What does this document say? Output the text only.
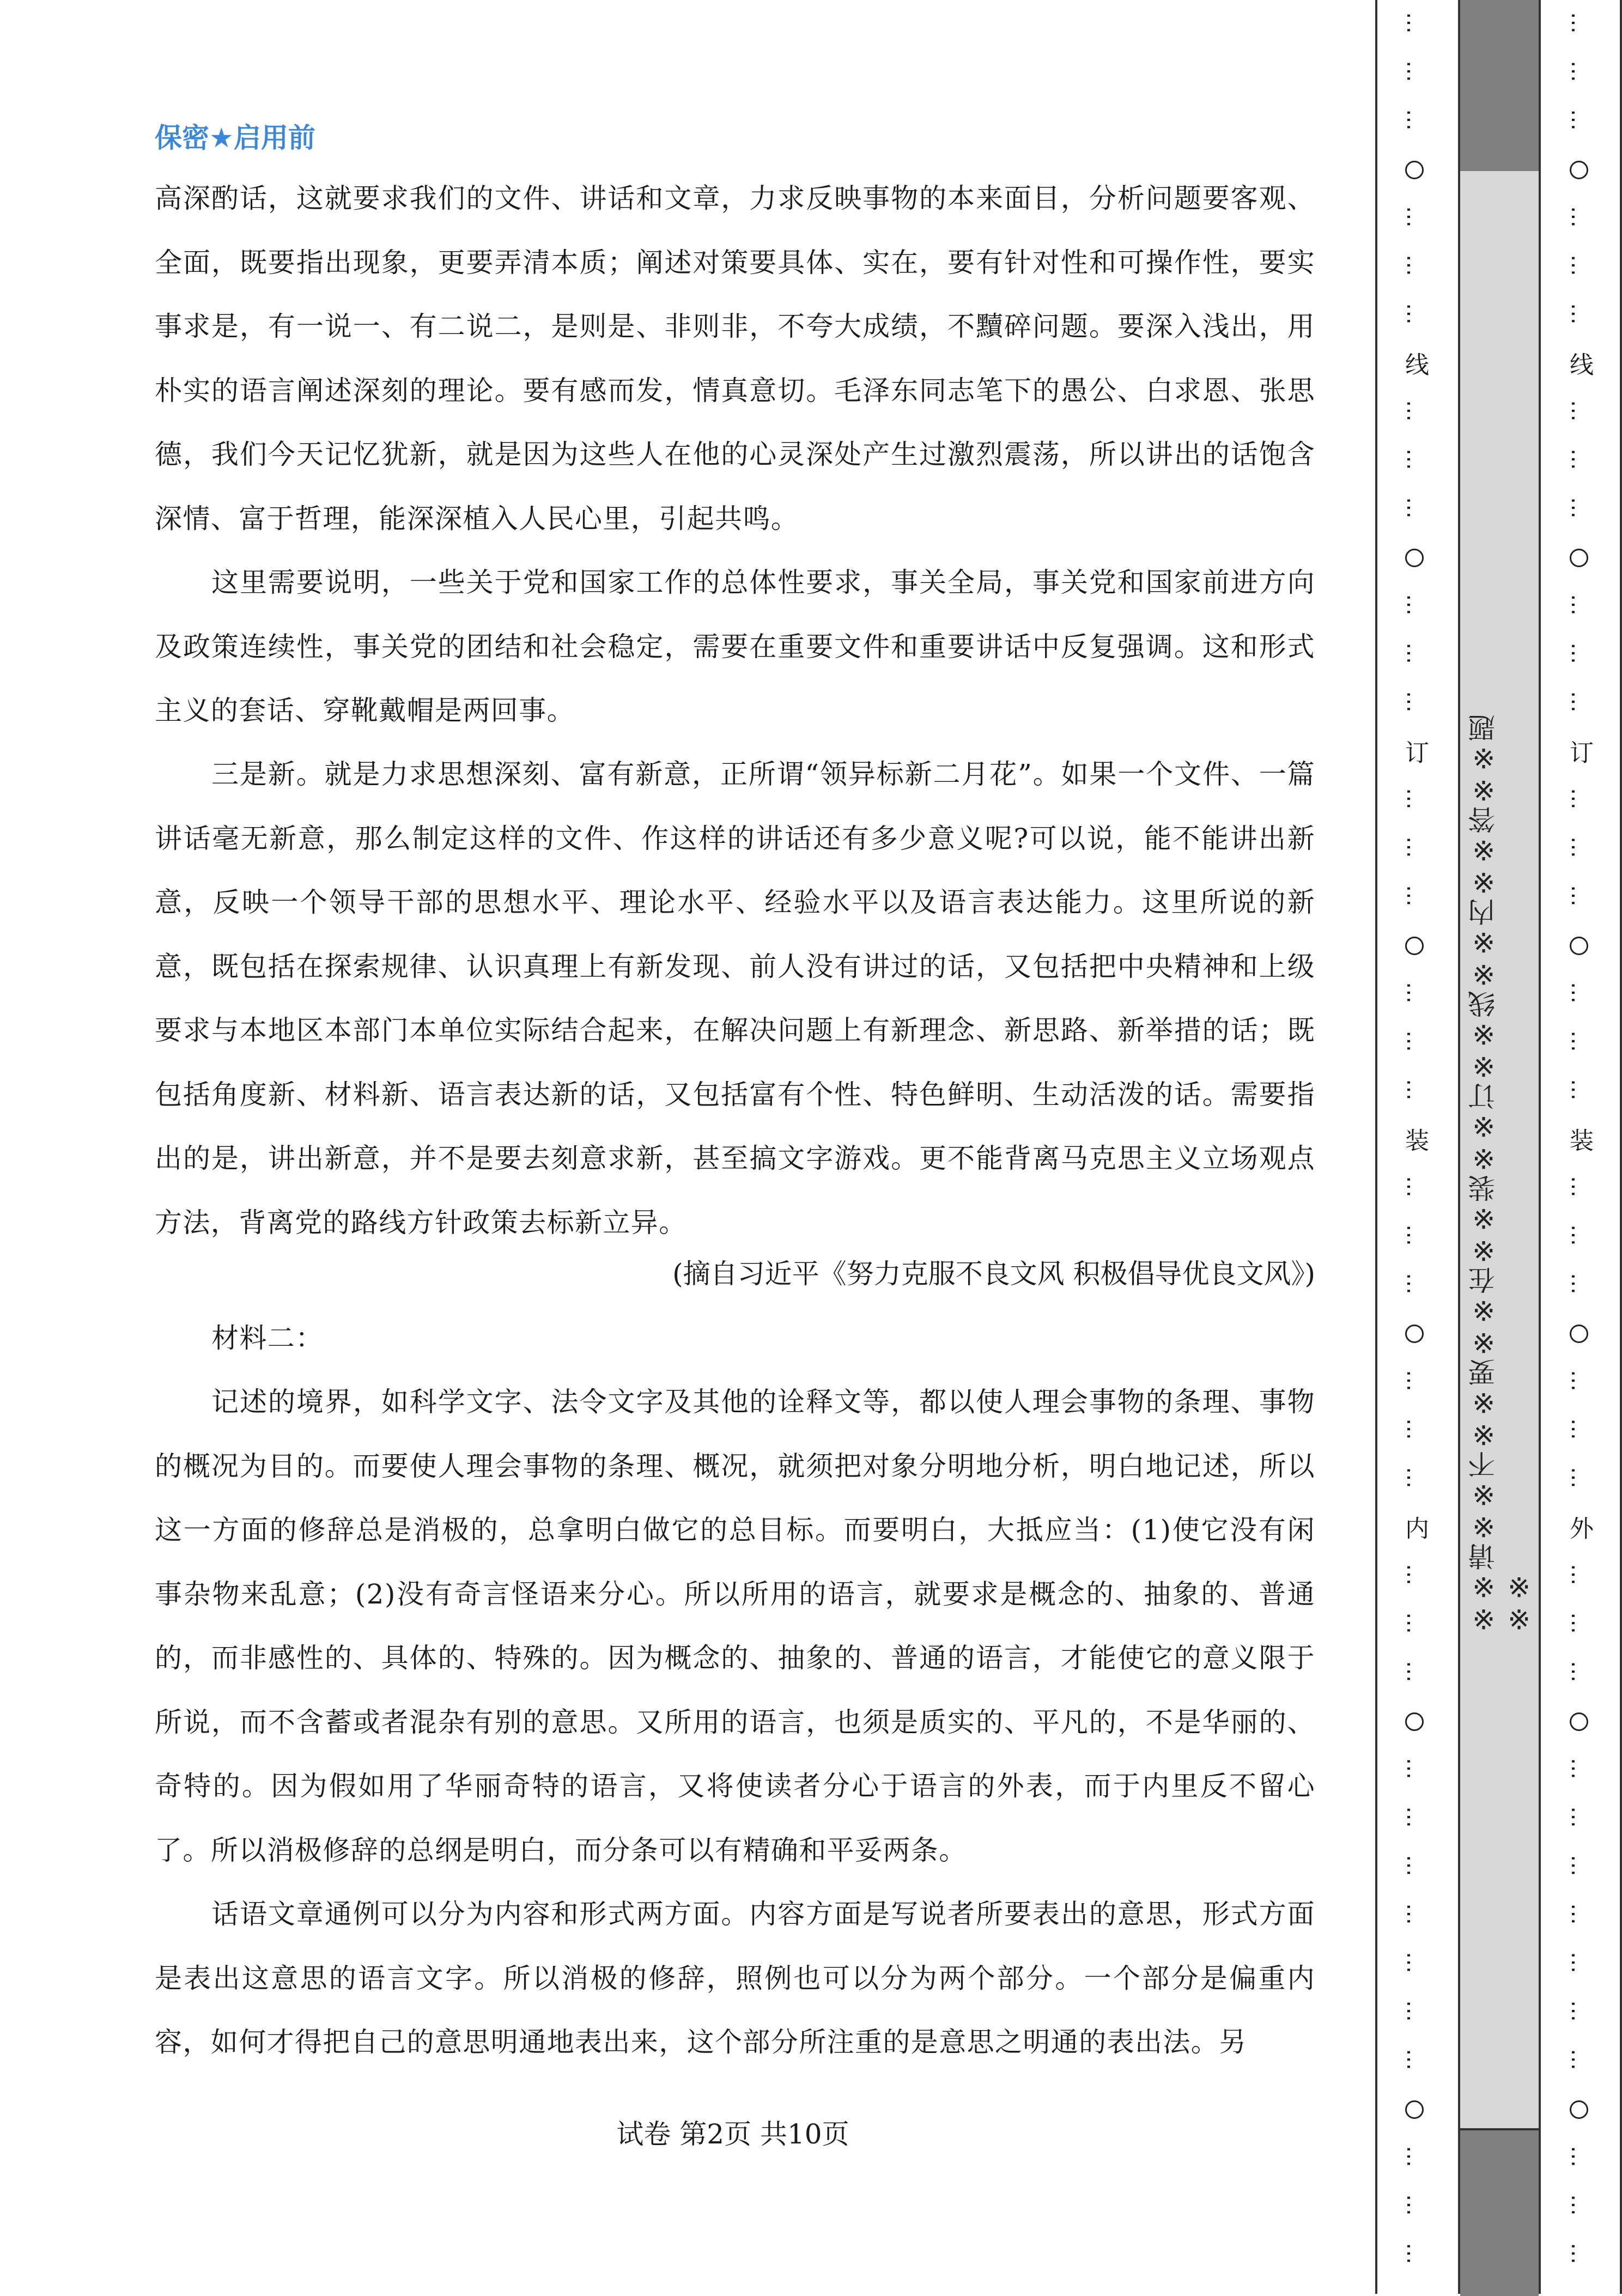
保密★启用前

高深酌话，这就要求我们的文件、讲话和文章，力求反映事物的本来面目，分析问题要客观、全面，既要指出现象，更要弄清本质；阐述对策要具体、实在，要有针对性和可操作性，要实事求是，有一说一、有二说二，是则是、非则非，不夸大成绩，不黷碎问题。要深入浅出，用朴实的语言阐述深刻的理论。要有感而发，情真意切。毛泽东同志笔下的愚公、白求恩、张思德，我们今天记忆犹新，就是因为这些人在他的心灵深处产生过激烈震荡，所以讲出的话饱含深情、富于哲理，能深深植入人民心里，引起共鸣。

这里需要说明，一些关于党和国家工作的总体性要求，事关全局，事关党和国家前进方向及政策连续性，事关党的团结和社会稳定，需要在重要文件和重要讲话中反复强调。这和形式主义的套话、穿靴戴帽是两回事。

三是新。就是力求思想深刻、富有新意，正所谓“领异标新二月花”。如果一个文件、一篇讲话毫无新意，那么制定这样的文件、作这样的讲话还有多少意义呢?可以说，能不能讲出新意，反映一个领导干部的思想水平、理论水平、经验水平以及语言表达能力。这里所说的新意，既包括在探索规律、认识真理上有新发现、前人没有讲过的话，又包括把中央精神和上级要求与本地区本部门本单位实际结合起来，在解决问题上有新理念、新思路、新举措的话；既包括角度新、材料新、语言表达新的话，又包括富有个性、特色鲜明、生动活泼的话。需要指出的是，讲出新意，并不是要去刻意求新，甚至搞文字游戏。更不能背离马克思主义立场观点方法，背离党的路线方针政策去标新立异。

(摘自习近平《努力克服不良文风 积极倡导优良文风》)

材料二：

记述的境界，如科学文字、法令文字及其他的诠释文等，都以使人理会事物的条理、事物的概况为目的。而要使人理会事物的条理、概况，就须把对象分明地分析，明白地记述，所以这一方面的修辞总是消极的，总拿明白做它的总目标。而要明白，大抵应当：(1)使它没有闲事杂物来乱意；(2)没有奇言怪语来分心。所以所用的语言，就要求是概念的、抽象的、普通的，而非感性的、具体的、特殊的。因为概念的、抽象的、普通的语言，才能使它的意义限于所说，而不含蓄或者混杂有别的意思。又所用的语言，也须是质实的、平凡的，不是华丽的、奇特的。因为假如用了华丽奇特的语言，又将使读者分心于语言的外表，而于内里反不留心了。所以消极修辞的总纲是明白，而分条可以有精确和平妥两条。

话语文章通例可以分为内容和形式两方面。内容方面是写说者所要表出的意思，形式方面是表出这意思的语言文字。所以消极的修辞，照例也可以分为两个部分。一个部分是偏重内容，如何才得把自己的意思明通地表出来，这个部分所注重的是意思之明通的表出法。另

试卷 第2页 共10页
…
…
…
…
…
…
线
…
…
…
…
…
…
订
…
…
…
…
…
…
装
…
…
…
…
…
…
内
…
…
…
…
…
…
…
…
…
…
…
…
…
※※请※※不※※要※※在※※装※※订※※线※※内※※答※※题※※
…
…
…
…
…
…
线
…
…
…
…
…
…
订
…
…
…
…
…
…
装
…
…
…
…
…
…
外
…
…
…
…
…
…
…
…
…
…
…
…
…
